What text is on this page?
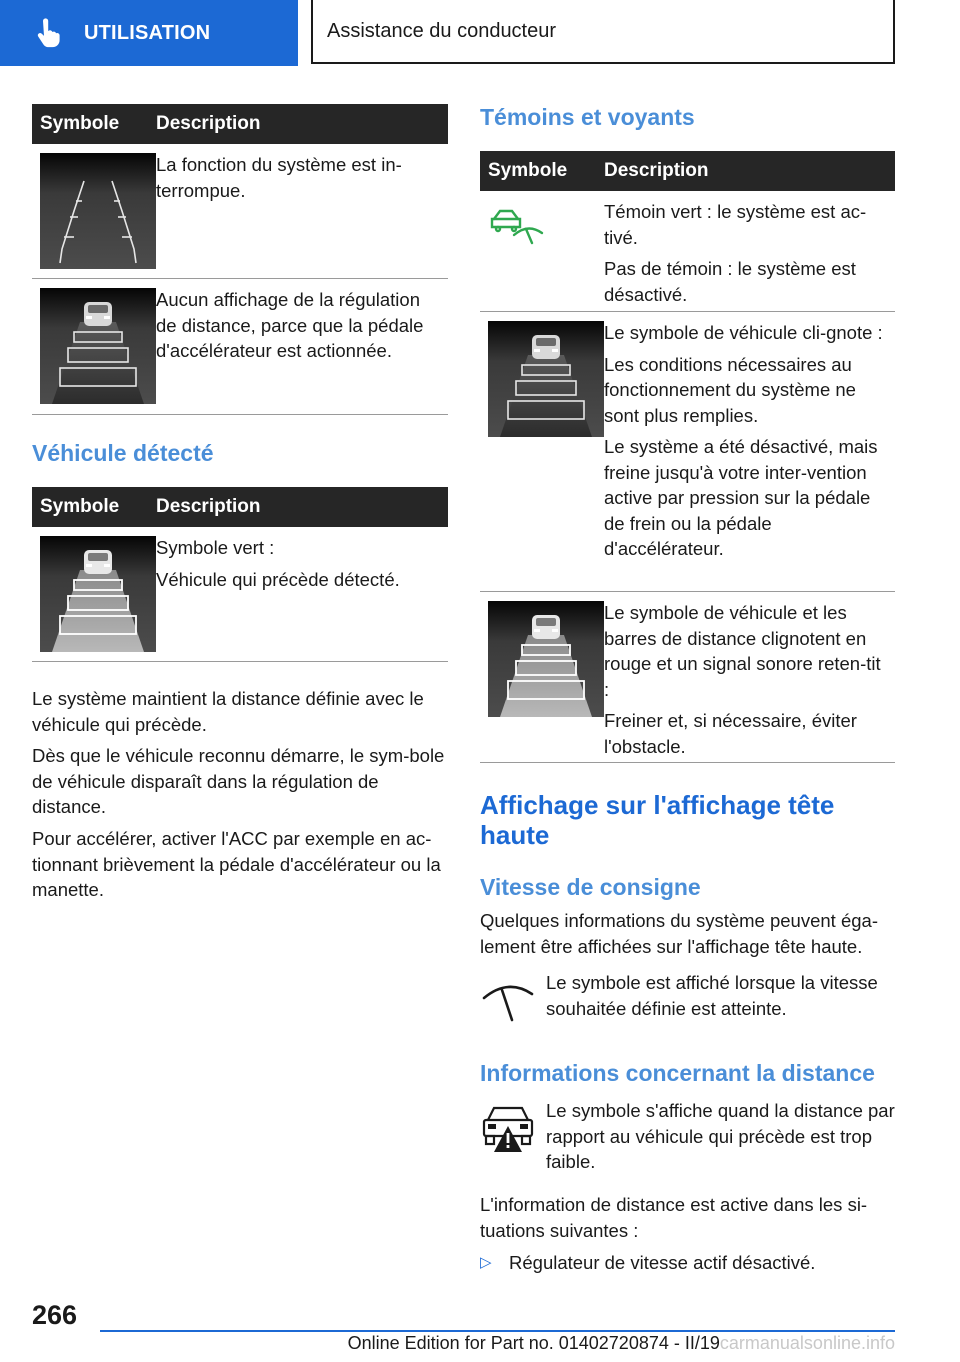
UTILISATION	Assistance du conducteur
Symbole	Description

La fonction du système est in-terrompue.

Aucun affichage de la régulation de distance, parce que la pédale d'accélérateur est actionnée.

Véhicule détecté
Symbole	Description

Symbole vert :

Véhicule qui précède détecté.

Le système maintient la distance définie avec le véhicule qui précède.

Dès que le véhicule reconnu démarre, le sym-bole de véhicule disparaît dans la régulation de distance.

Pour accélérer, activer l'ACC par exemple en ac-tionnant brièvement la pédale d'accélérateur ou la manette.

Témoins et voyants
Symbole	Description

Témoin vert : le système est ac-tivé.

Pas de témoin : le système est désactivé.

Le symbole de véhicule cli-gnote :

Les conditions nécessaires au fonctionnement du système ne sont plus remplies.

Le système a été désactivé, mais freine jusqu'à votre inter-vention active par pression sur la pédale de frein ou la pédale d'accélérateur.

Le symbole de véhicule et les barres de distance clignotent en rouge et un signal sonore reten-tit :

Freiner et, si nécessaire, éviter l'obstacle.

Affichage sur l'affichage tête haute
Vitesse de consigne

Quelques informations du système peuvent éga-lement être affichées sur l'affichage tête haute.

Le symbole est affiché lorsque la vitesse souhaitée définie est atteinte.
Informations concernant la distance
Le symbole s'affiche quand la distance par rapport au véhicule qui précède est trop faible.

L'information de distance est active dans les si-tuations suivantes :

▷ Régulateur de vitesse actif désactivé.
266
Online Edition for Part no. 01402720874 - II/19carmanualsonline.info
